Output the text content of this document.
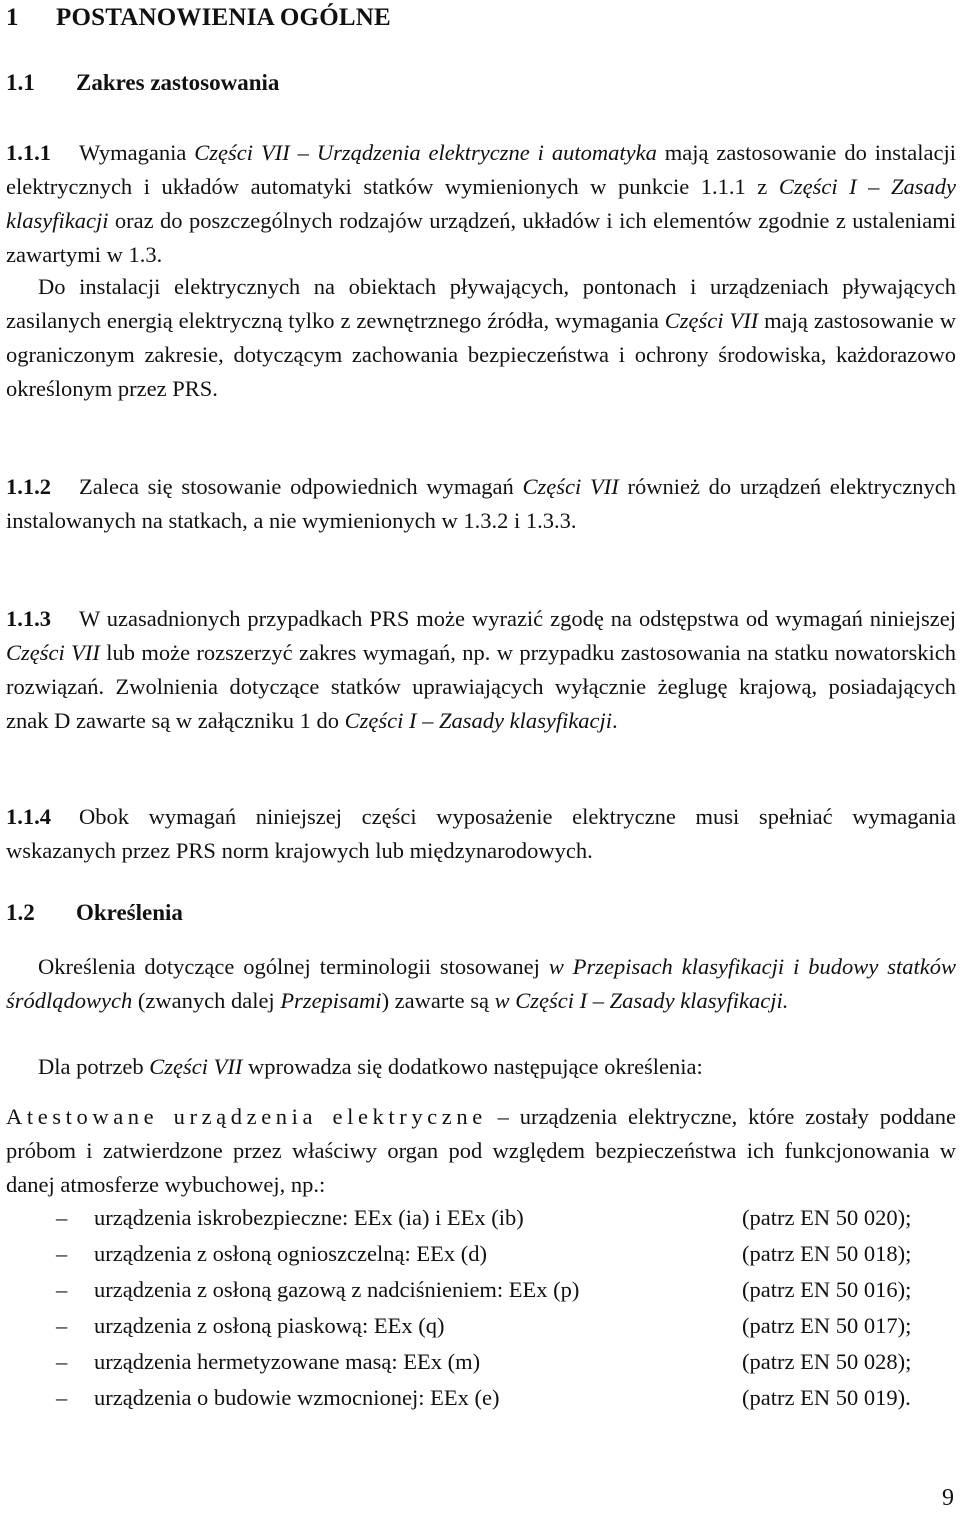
1 POSTANOWIENIA OGÓLNE
1.1 Zakres zastosowania
1.1.1 Wymagania Części VII – Urządzenia elektryczne i automatyka mają zastosowanie do instalacji elektrycznych i układów automatyki statków wymienionych w punkcie 1.1.1 z Części I – Zasady klasyfikacji oraz do poszczególnych rodzajów urządzeń, układów i ich elementów zgodnie z ustaleniami zawartymi w 1.3.
Do instalacji elektrycznych na obiektach pływających, pontonach i urządzeniach pływających zasilanych energią elektryczną tylko z zewnętrznego źródła, wymagania Części VII mają zastosowanie w ograniczonym zakresie, dotyczącym zachowania bezpieczeństwa i ochrony środowiska, każdorazowo określonym przez PRS.
1.1.2 Zaleca się stosowanie odpowiednich wymagań Części VII również do urządzeń elektrycznych instalowanych na statkach, a nie wymienionych w 1.3.2 i 1.3.3.
1.1.3 W uzasadnionych przypadkach PRS może wyrazić zgodę na odstępstwa od wymagań niniejszej Części VII lub może rozszerzyć zakres wymagań, np. w przypadku zastosowania na statku nowatorskich rozwiązań. Zwolnienia dotyczące statków uprawiających wyłącznie żeglugę krajową, posiadających znak D zawarte są w załączniku 1 do Części I – Zasady klasyfikacji.
1.1.4 Obok wymagań niniejszej części wyposażenie elektryczne musi spełniać wymagania wskazanych przez PRS norm krajowych lub międzynarodowych.
1.2 Określenia
Określenia dotyczące ogólnej terminologii stosowanej w Przepisach klasyfikacji i budowy statków śródlądowych (zwanych dalej Przepisami) zawarte są w Części I – Zasady klasyfikacji.
Dla potrzeb Części VII wprowadza się dodatkowo następujące określenia:
Atestowane urządzenia elektryczne – urządzenia elektryczne, które zostały poddane próbom i zatwierdzone przez właściwy organ pod względem bezpieczeństwa ich funkcjonowania w danej atmosferze wybuchowej, np.:
– urządzenia iskrobezpieczne: EEx (ia) i EEx (ib)	(patrz EN 50 020);
– urządzenia z osłoną ognioszczelną: EEx (d)	(patrz EN 50 018);
– urządzenia z osłoną gazową z nadciśnieniem: EEx (p)	(patrz EN 50 016);
– urządzenia z osłoną piaskową: EEx (q)	(patrz EN 50 017);
– urządzenia hermetyzowane masą: EEx (m)	(patrz EN 50 028);
– urządzenia o budowie wzmocnionej: EEx (e)	(patrz EN 50 019).
9
